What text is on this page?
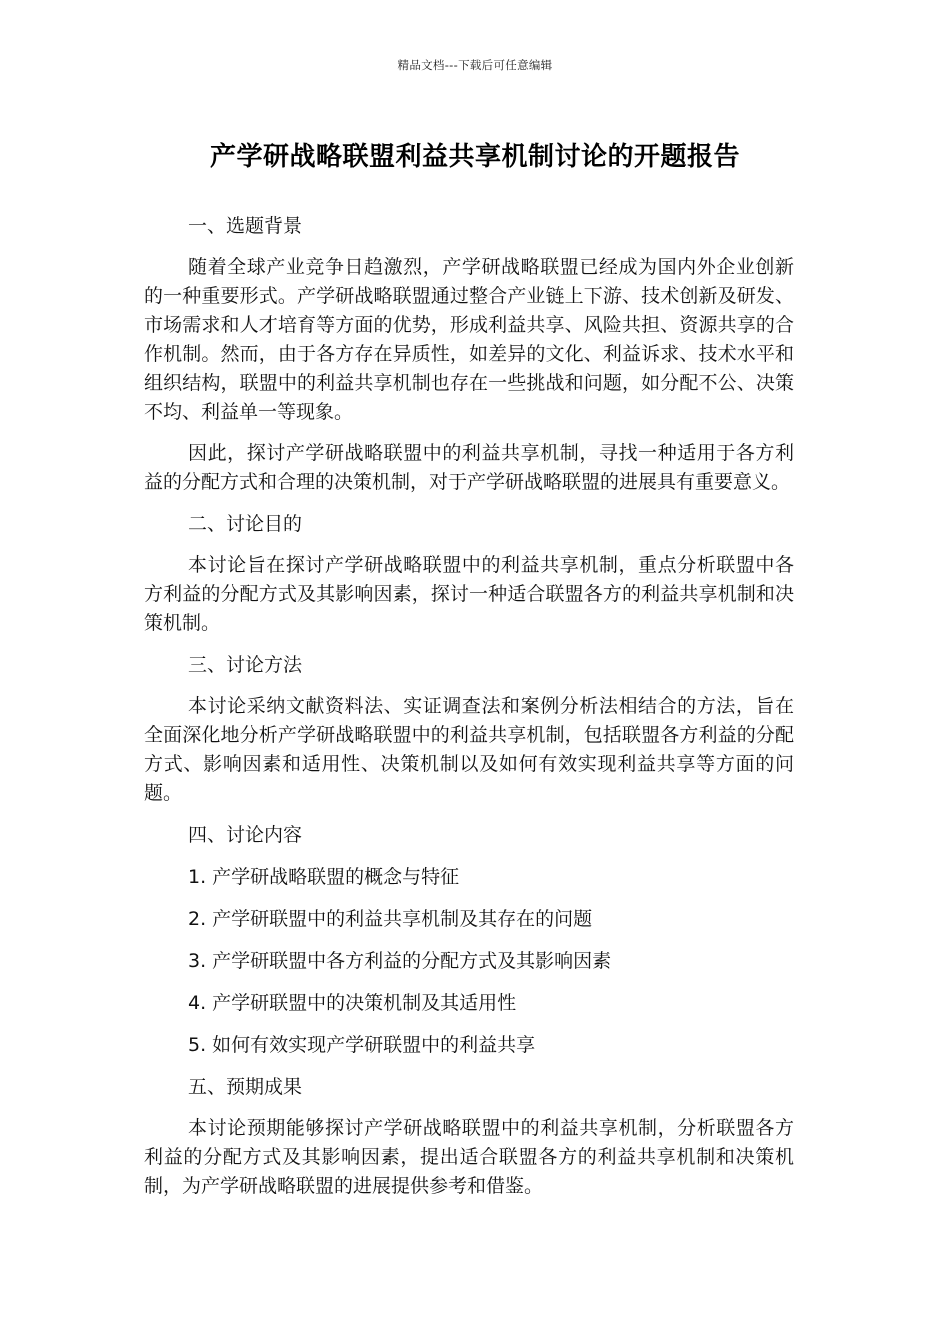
精品文档---下载后可任意编辑
产学研战略联盟利益共享机制讨论的开题报告

一、选题背景

随着全球产业竞争日趋激烈，产学研战略联盟已经成为国内外企业创新的一种重要形式。产学研战略联盟通过整合产业链上下游、技术创新及研发、市场需求和人才培育等方面的优势，形成利益共享、风险共担、资源共享的合作机制。然而，由于各方存在异质性，如差异的文化、利益诉求、技术水平和组织结构，联盟中的利益共享机制也存在一些挑战和问题，如分配不公、决策不均、利益单一等现象。

因此，探讨产学研战略联盟中的利益共享机制，寻找一种适用于各方利益的分配方式和合理的决策机制，对于产学研战略联盟的进展具有重要意义。

二、讨论目的

本讨论旨在探讨产学研战略联盟中的利益共享机制，重点分析联盟中各方利益的分配方式及其影响因素，探讨一种适合联盟各方的利益共享机制和决策机制。

三、讨论方法

本讨论采纳文献资料法、实证调查法和案例分析法相结合的方法，旨在全面深化地分析产学研战略联盟中的利益共享机制，包括联盟各方利益的分配方式、影响因素和适用性、决策机制以及如何有效实现利益共享等方面的问题。

四、讨论内容

1. 产学研战略联盟的概念与特征

2. 产学研联盟中的利益共享机制及其存在的问题

3. 产学研联盟中各方利益的分配方式及其影响因素

4. 产学研联盟中的决策机制及其适用性

5. 如何有效实现产学研联盟中的利益共享

五、预期成果

本讨论预期能够探讨产学研战略联盟中的利益共享机制，分析联盟各方利益的分配方式及其影响因素，提出适合联盟各方的利益共享机制和决策机制，为产学研战略联盟的进展提供参考和借鉴。
